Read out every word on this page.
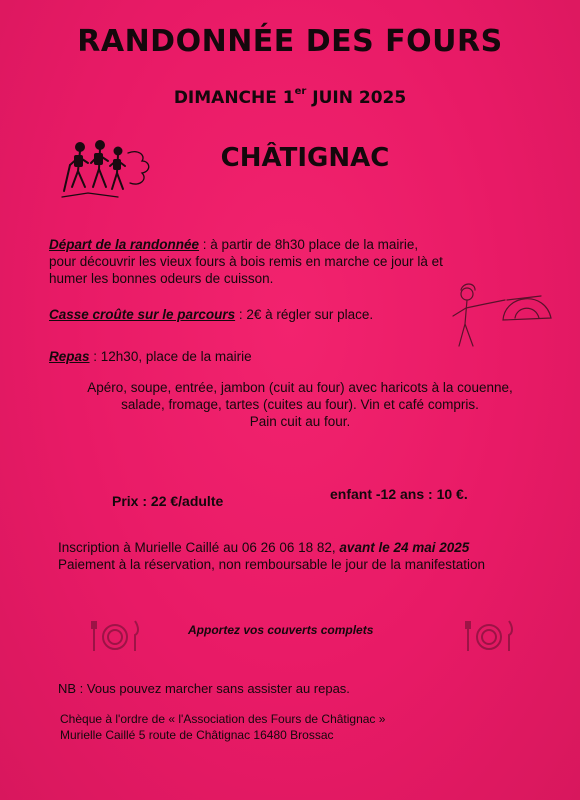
RANDONNÉE DES FOURS
DIMANCHE 1er JUIN 2025
CHÂTIGNAC
Départ de la randonnée : à partir de 8h30 place de la mairie,
pour découvrir les vieux fours à bois remis en marche ce jour là et
humer les bonnes odeurs de cuisson.
Casse croûte sur le parcours : 2€ à régler sur place.
Repas : 12h30, place de la mairie
Apéro, soupe, entrée, jambon (cuit au four) avec haricots à la couenne,
salade, fromage, tartes (cuites au four). Vin et café compris.
Pain cuit au four.
Prix : 22 €/adulte	enfant -12 ans : 10 €.
Inscription à Murielle Caillé au 06 26 06 18 82, avant le 24 mai 2025
Paiement à la réservation, non remboursable le jour de la manifestation
Apportez vos couverts complets
NB : Vous pouvez marcher sans assister au repas.
Chèque à l'ordre de « l'Association des Fours de Châtignac »
Murielle Caillé 5 route de Châtignac 16480 Brossac
